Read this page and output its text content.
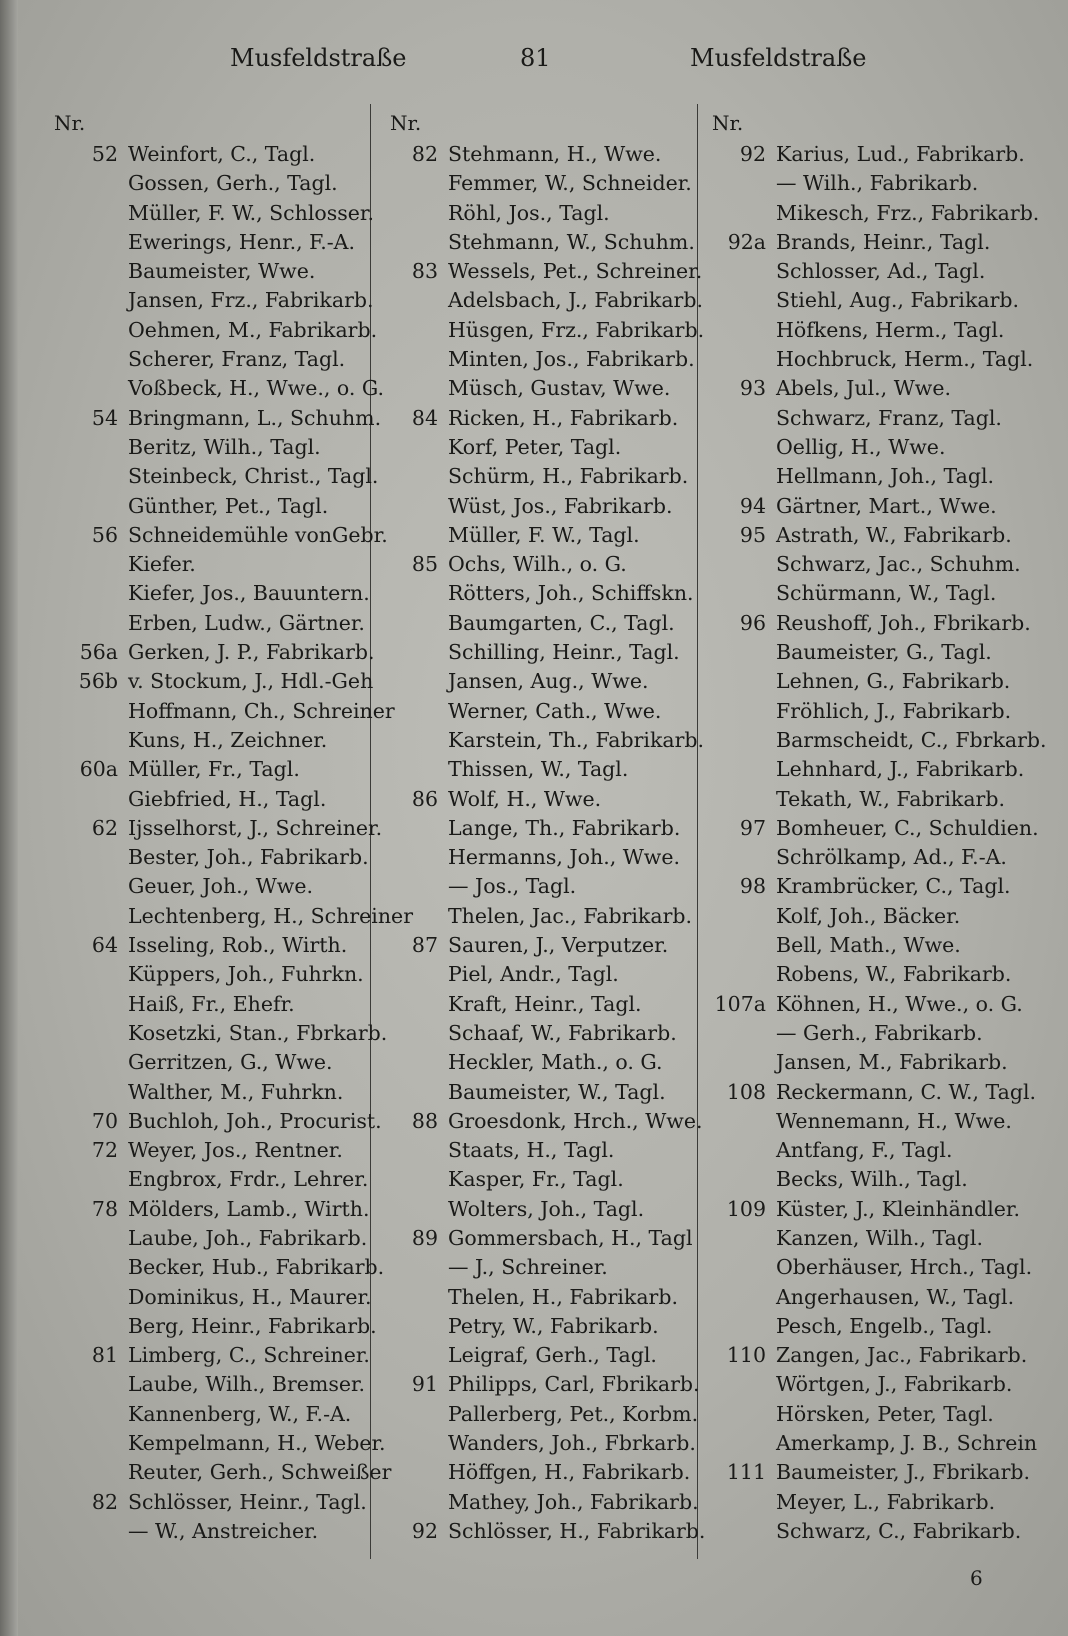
Musfeldstraße	81	Musfeldstraße
Nr.
52 Weinfort, C., Tagl.
Gossen, Gerh., Tagl.
Müller, F. W., Schlosser.
Ewerings, Henr., F.-A.
Baumeister, Wwe.
Jansen, Frz., Fabrikarb.
Oehmen, M., Fabrikarb.
Scherer, Franz, Tagl.
Voßbeck, H., Wwe., o. G.
54 Bringmann, L., Schuhm.
Beritz, Wilh., Tagl.
Steinbeck, Christ., Tagl.
Günther, Pet., Tagl.
56 Schneidemühle vonGebr.
Kiefer.
Kiefer, Jos., Bauuntern.
Erben, Ludw., Gärtner.
56a Gerken, J. P., Fabrikarb.
56b v. Stockum, J., Hdl.-Geh
Hoffmann, Ch., Schreiner
Kuns, H., Zeichner.
60a Müller, Fr., Tagl.
Giebfried, H., Tagl.
62 Ijsselhorst, J., Schreiner.
Bester, Joh., Fabrikarb.
Geuer, Joh., Wwe.
Lechtenberg, H., Schreiner
64 Isseling, Rob., Wirth.
Küppers, Joh., Fuhrkn.
Haiß, Fr., Ehefr.
Kosetzki, Stan., Fbrkarb.
Gerritzen, G., Wwe.
Walther, M., Fuhrkn.
70 Buchloh, Joh., Procurist.
72 Weyer, Jos., Rentner.
Engbrox, Frdr., Lehrer.
78 Mölders, Lamb., Wirth.
Laube, Joh., Fabrikarb.
Becker, Hub., Fabrikarb.
Dominikus, H., Maurer.
Berg, Heinr., Fabrikarb.
81 Limberg, C., Schreiner.
Laube, Wilh., Bremser.
Kannenberg, W., F.-A.
Kempelmann, H., Weber.
Reuter, Gerh., Schweißer
82 Schlösser, Heinr., Tagl.
— W., Anstreicher.
Nr.
82 Stehmann, H., Wwe.
Femmer, W., Schneider.
Röhl, Jos., Tagl.
Stehmann, W., Schuhm.
83 Wessels, Pet., Schreiner.
Adelsbach, J., Fabrikarb.
Hüsgen, Frz., Fabrikarb.
Minten, Jos., Fabrikarb.
Müsch, Gustav, Wwe.
84 Ricken, H., Fabrikarb.
Korf, Peter, Tagl.
Schürm, H., Fabrikarb.
Wüst, Jos., Fabrikarb.
Müller, F. W., Tagl.
85 Ochs, Wilh., o. G.
Rötters, Joh., Schiffskn.
Baumgarten, C., Tagl.
Schilling, Heinr., Tagl.
Jansen, Aug., Wwe.
Werner, Cath., Wwe.
Karstein, Th., Fabrikarb.
Thissen, W., Tagl.
86 Wolf, H., Wwe.
Lange, Th., Fabrikarb.
Hermanns, Joh., Wwe.
— Jos., Tagl.
Thelen, Jac., Fabrikarb.
87 Sauren, J., Verputzer.
Piel, Andr., Tagl.
Kraft, Heinr., Tagl.
Schaaf, W., Fabrikarb.
Heckler, Math., o. G.
Baumeister, W., Tagl.
88 Groesdonk, Hrch., Wwe.
Staats, H., Tagl.
Kasper, Fr., Tagl.
Wolters, Joh., Tagl.
89 Gommersbach, H., Tagl
— J., Schreiner.
Thelen, H., Fabrikarb.
Petry, W., Fabrikarb.
Leigraf, Gerh., Tagl.
91 Philipps, Carl, Fbrikarb.
Pallerberg, Pet., Korbm.
Wanders, Joh., Fbrkarb.
Höffgen, H., Fabrikarb.
Mathey, Joh., Fabrikarb.
92 Schlösser, H., Fabrikarb.
Nr.
92 Karius, Lud., Fabrikarb.
— Wilh., Fabrikarb.
Mikesch, Frz., Fabrikarb.
92a Brands, Heinr., Tagl.
Schlosser, Ad., Tagl.
Stiehl, Aug., Fabrikarb.
Höfkens, Herm., Tagl.
Hochbruck, Herm., Tagl.
93 Abels, Jul., Wwe.
Schwarz, Franz, Tagl.
Oellig, H., Wwe.
Hellmann, Joh., Tagl.
94 Gärtner, Mart., Wwe.
95 Astrath, W., Fabrikarb.
Schwarz, Jac., Schuhm.
Schürmann, W., Tagl.
96 Reushoff, Joh., Fbrikarb.
Baumeister, G., Tagl.
Lehnen, G., Fabrikarb.
Fröhlich, J., Fabrikarb.
Barmscheidt, C., Fbrkarb.
Lehnhard, J., Fabrikarb.
Tekath, W., Fabrikarb.
97 Bomheuer, C., Schuldien.
Schrölkamp, Ad., F.-A.
98 Krambrücker, C., Tagl.
Kolf, Joh., Bäcker.
Bell, Math., Wwe.
Robens, W., Fabrikarb.
107a Köhnen, H., Wwe., o. G.
— Gerh., Fabrikarb.
Jansen, M., Fabrikarb.
108 Reckermann, C. W., Tagl.
Wennemann, H., Wwe.
Antfang, F., Tagl.
Becks, Wilh., Tagl.
109 Küster, J., Kleinhändler.
Kanzen, Wilh., Tagl.
Oberhäuser, Hrch., Tagl.
Angerhausen, W., Tagl.
Pesch, Engelb., Tagl.
110 Zangen, Jac., Fabrikarb.
Wörtgen, J., Fabrikarb.
Hörsken, Peter, Tagl.
Amerkamp, J. B., Schrein
111 Baumeister, J., Fbrikarb.
Meyer, L., Fabrikarb.
Schwarz, C., Fabrikarb.
6
